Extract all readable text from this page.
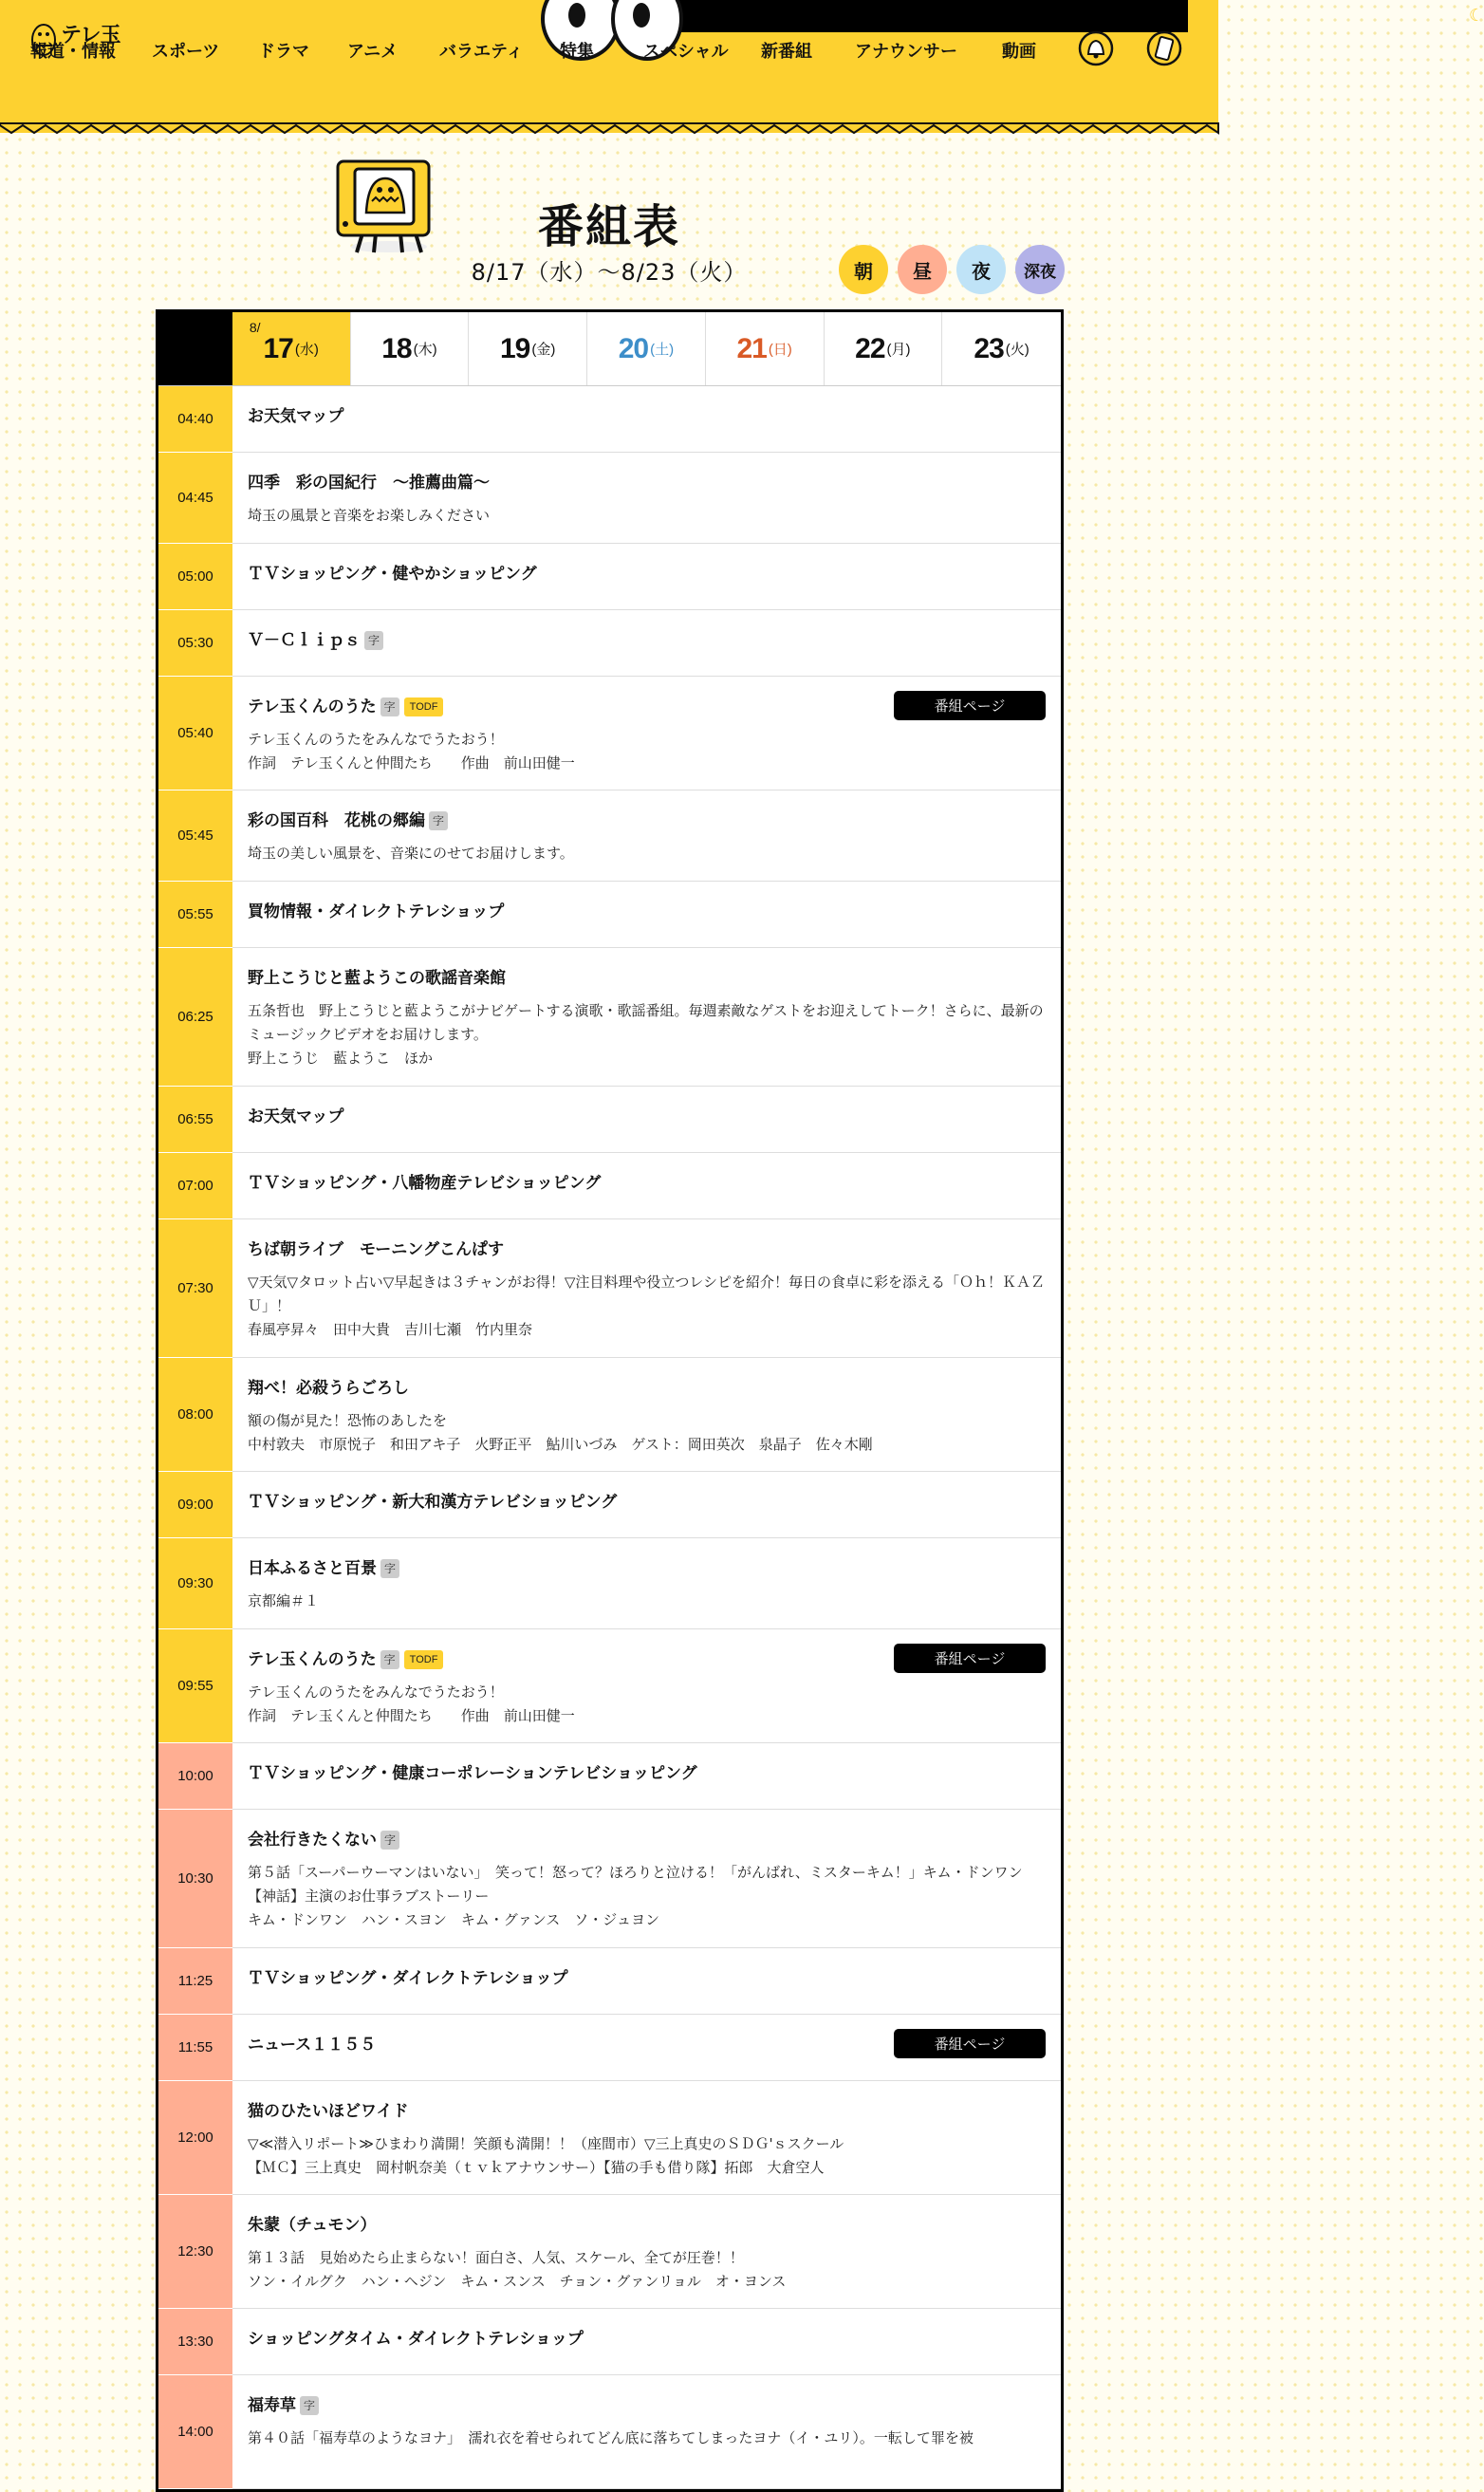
テレ玉
☾
報道・情報 スポーツ ドラマ アニメ バラエティ 特集	スペシャル 新番組	アナウンサー	動画
番組表
8/17（水）〜8/23（火）	朝	昼	夜	深夜
8/
17 (水) 18 (木) 19 (金) 20 (土) 21 (日) 22 (月) 23 (火)
04:40	お天気マップ
04:45
四季　彩の国紀行　～推薦曲篇～
埼玉の風景と音楽をお楽しみください
05:00	ＴＶショッピング・健やかショッピング
05:30	Ｖ－Ｃｌｉｐｓ 字
05:40
テレ玉くんのうた 字	TODF
テレ玉くんのうたをみんなでうたおう！
作詞　テレ玉くんと仲間たち　　作曲　前山田健一
番組ページ
05:45
彩の国百科　花桃の郷編 字
埼玉の美しい風景を、音楽にのせてお届けします。
05:55	買物情報・ダイレクトテレショップ
06:25
野上こうじと藍ようこの歌謡音楽館
五条哲也　野上こうじと藍ようこがナビゲートする演歌・歌謡番組。毎週素敵なゲストをお迎えしてトーク！さらに、最新のミュージックビデオをお届けします。
野上こうじ　藍ようこ　ほか
06:55	お天気マップ
07:00	ＴＶショッピング・八幡物産テレビショッピング
07:30
ちば朝ライブ　モーニングこんぱす
▽天気▽タロット占い▽早起きは３チャンがお得！▽注目料理や役立つレシピを紹介！毎日の食卓に彩を添える「Ｏｈ！ＫＡＺＵ」！
春風亭昇々　田中大貴　吉川七瀬　竹内里奈
08:00
翔べ！必殺うらごろし
額の傷が見た！恐怖のあしたを
中村敦夫　市原悦子　和田アキ子　火野正平　鮎川いづみ　ゲスト：岡田英次　泉晶子　佐々木剛
09:00	ＴＶショッピング・新大和漢方テレビショッピング
09:30
日本ふるさと百景 字
京都編＃１
09:55
テレ玉くんのうた 字	TODF
テレ玉くんのうたをみんなでうたおう！
作詞　テレ玉くんと仲間たち　　作曲　前山田健一
番組ページ
10:00	ＴＶショッピング・健康コーポレーションテレビショッピング
10:30
会社行きたくない 字
第５話「スーパーウーマンはいない」　笑って！怒って？ほろりと泣ける！「がんばれ、ミスターキム！」キム・ドンワン【神話】主演のお仕事ラブストーリー
キム・ドンワン　ハン・スヨン　キム・グァンス　ソ・ジュヨン
11:25	ＴＶショッピング・ダイレクトテレショップ
11:55	ニュース１１５５	番組ページ
12:00
猫のひたいほどワイド
▽≪潜入リポート≫ひまわり満開！笑顔も満開！！（座間市）▽三上真史のＳＤＧ'ｓスクール
【ＭＣ】三上真史　岡村帆奈美（ｔｖｋアナウンサー）【猫の手も借り隊】拓郎　大倉空人
12:30
朱蒙（チュモン）
第１３話　見始めたら止まらない！面白さ、人気、スケール、全てが圧巻！！
ソン・イルグク　ハン・ヘジン　キム・スンス　チョン・グァンリョル　オ・ヨンス
13:30	ショッピングタイム・ダイレクトテレショップ
14:00
福寿草 字
第４０話「福寿草のようなヨナ」　濡れ衣を着せられてどん底に落ちてしまったヨナ（イ・ユリ）。一転して罪を被
